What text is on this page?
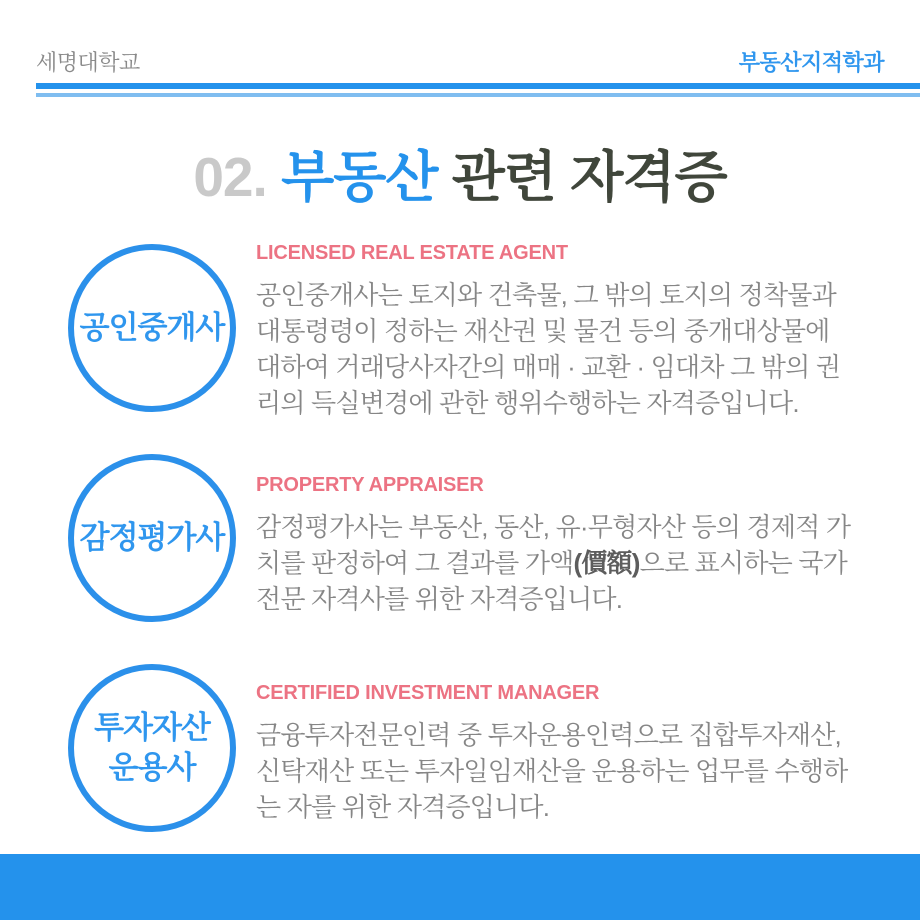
세명대학교	부동산지적학과
02. 부동산 관련 자격증
공인중개사

LICENSED REAL ESTATE AGENT

공인중개사는 토지와 건축물, 그 밖의 토지의 정착물과 대통령령이 정하는 재산권 및 물건 등의 중개대상물에 대하여 거래당사자간의 매매 · 교환 · 임대차 그 밖의 권리의 득실변경에 관한 행위수행하는 자격증입니다.

감정평가사

PROPERTY APPRAISER

감정평가사는 부동산, 동산, 유·무형자산 등의 경제적 가치를 판정하여 그 결과를 가액(價額)으로 표시하는 국가전문 자격사를 위한 자격증입니다.

투자자산
운용사

CERTIFIED INVESTMENT MANAGER

금융투자전문인력 중 투자운용인력으로 집합투자재산, 신탁재산 또는 투자일임재산을 운용하는 업무를 수행하는 자를 위한 자격증입니다.
